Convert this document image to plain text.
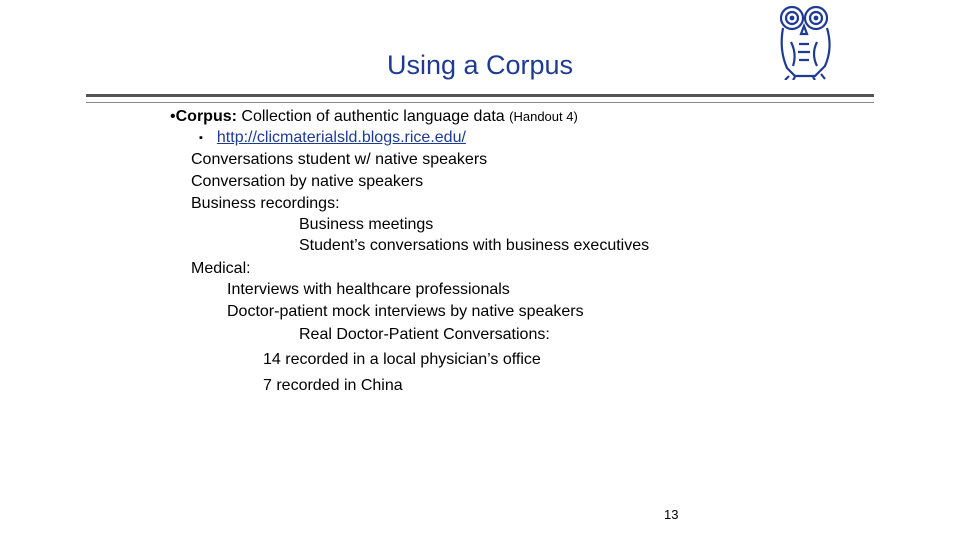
Using a Corpus
•Corpus: Collection of authentic language data (Handout 4)
▪ http://clicmaterialsld.blogs.rice.edu/
Conversations student w/ native speakers
Conversation by native speakers
Business recordings:
Business meetings
Student’s conversations with business executives
Medical:
Interviews with healthcare professionals
Doctor-patient mock interviews by native speakers
Real Doctor-Patient Conversations:
14 recorded in a local physician’s office
7 recorded in China
13
